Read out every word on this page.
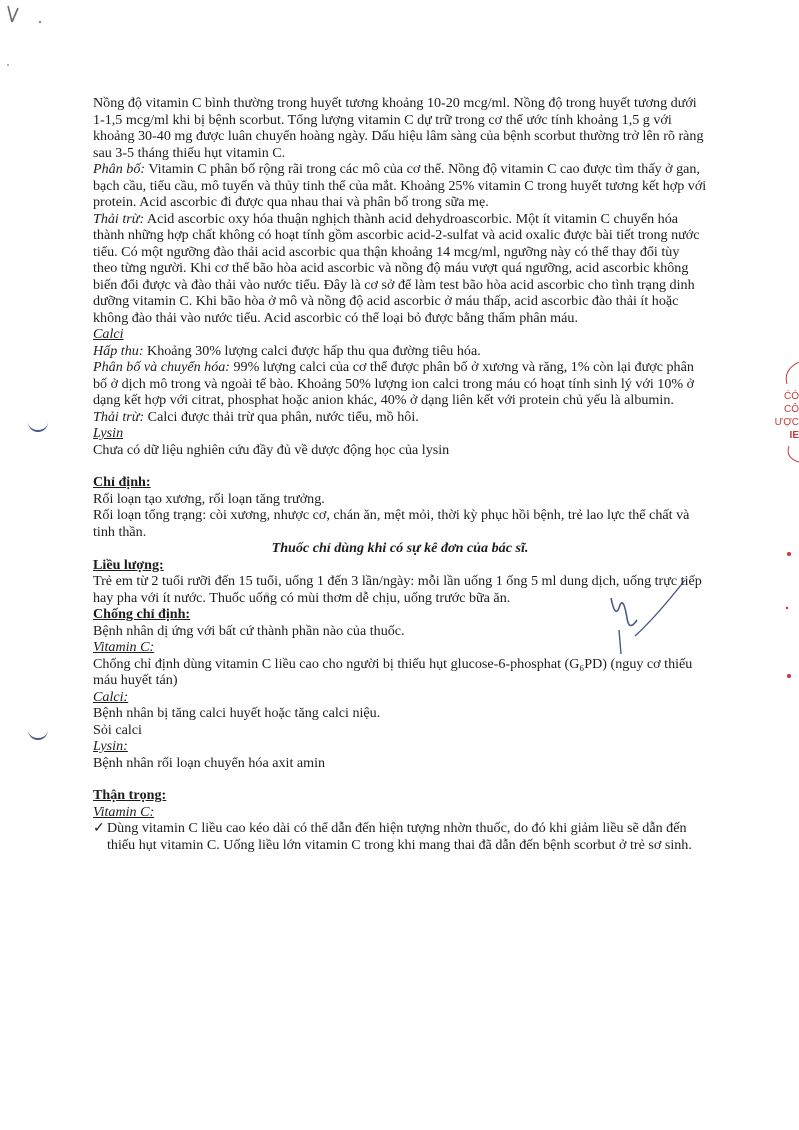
ĆÓ
CÔ
ƯỢC
IE

Nồng độ vitamin C bình thường trong huyết tương khoảng 10-20 mcg/ml. Nồng độ trong huyết tương dưới 1-1,5 mcg/ml khi bị bệnh scorbut. Tổng lượng vitamin C dự trữ trong cơ thể ước tính khoảng 1,5 g với khoảng 30-40 mg được luân chuyển hoàng ngày. Dấu hiệu lâm sàng của bệnh scorbut thường trở lên rõ ràng sau 3-5 tháng thiếu hụt vitamin C.

Phân bố: Vitamin C phân bố rộng rãi trong các mô của cơ thể. Nồng độ vitamin C cao được tìm thấy ở gan, bạch cầu, tiểu cầu, mô tuyến và thủy tinh thể của mắt. Khoảng 25% vitamin C trong huyết tương kết hợp với protein. Acid ascorbic đi được qua nhau thai và phân bố trong sữa mẹ.

Thải trừ: Acid ascorbic oxy hóa thuận nghịch thành acid dehydroascorbic. Một ít vitamin C chuyển hóa thành những hợp chất không có hoạt tính gồm ascorbic acid-2-sulfat và acid oxalic được bài tiết trong nước tiểu. Có một ngưỡng đào thải acid ascorbic qua thận khoảng 14 mcg/ml, ngưỡng này có thể thay đổi tùy theo từng người. Khi cơ thể bão hòa acid ascorbic và nồng độ máu vượt quá ngưỡng, acid ascorbic không biến đổi được và đào thải vào nước tiểu. Đây là cơ sở để làm test bão hòa acid ascorbic cho tình trạng dinh dưỡng vitamin C. Khi bão hòa ở mô và nồng độ acid ascorbic ở máu thấp, acid ascorbic đào thải ít hoặc không đào thải vào nước tiểu. Acid ascorbic có thể loại bỏ được bằng thẩm phân máu.

Calci

Hấp thu: Khoảng 30% lượng calci được hấp thu qua đường tiêu hóa.

Phân bố và chuyển hóa: 99% lượng calci của cơ thể được phân bố ở xương và răng, 1% còn lại được phân bố ở dịch mô trong và ngoài tế bào. Khoảng 50% lượng ion calci trong máu có hoạt tính sinh lý với 10% ở dạng kết hợp với citrat, phosphat hoặc anion khác, 40% ở dạng liên kết với protein chủ yếu là albumin.

Thải trừ: Calci được thải trừ qua phân, nước tiểu, mồ hôi.

Lysin

Chưa có dữ liệu nghiên cứu đầy đủ về dược động học của lysin

Chỉ định:

Rối loạn tạo xương, rối loạn tăng trưởng.

Rối loạn tổng trạng: còi xương, nhược cơ, chán ăn, mệt mỏi, thời kỳ phục hồi bệnh, trẻ lao lực thể chất và tinh thần.

Thuốc chỉ dùng khi có sự kê đơn của bác sĩ.

Liều lượng:

Trẻ em từ 2 tuổi rưỡi đến 15 tuổi, uống 1 đến 3 lần/ngày: mỗi lần uống 1 ống 5 ml dung dịch, uống trực tiếp hay pha với ít nước. Thuốc uống có mùi thơm dễ chịu, uống trước bữa ăn.

Chống chỉ định:

Bệnh nhân dị ứng với bất cứ thành phần nào của thuốc.

Vitamin C:

Chống chỉ định dùng vitamin C liều cao cho người bị thiếu hụt glucose-6-phosphat (G₆PD) (nguy cơ thiếu máu huyết tán)

Calci:

Bệnh nhân bị tăng calci huyết hoặc tăng calci niệu.

Sỏi calci

Lysin:

Bệnh nhân rối loạn chuyển hóa axit amin

Thận trọng:

Vitamin C:

✓ Dùng vitamin C liều cao kéo dài có thể dẫn đến hiện tượng nhờn thuốc, do đó khi giảm liều sẽ dẫn đến thiếu hụt vitamin C. Uống liều lớn vitamin C trong khi mang thai đã dẫn đến bệnh scorbut ở trẻ sơ sinh.
